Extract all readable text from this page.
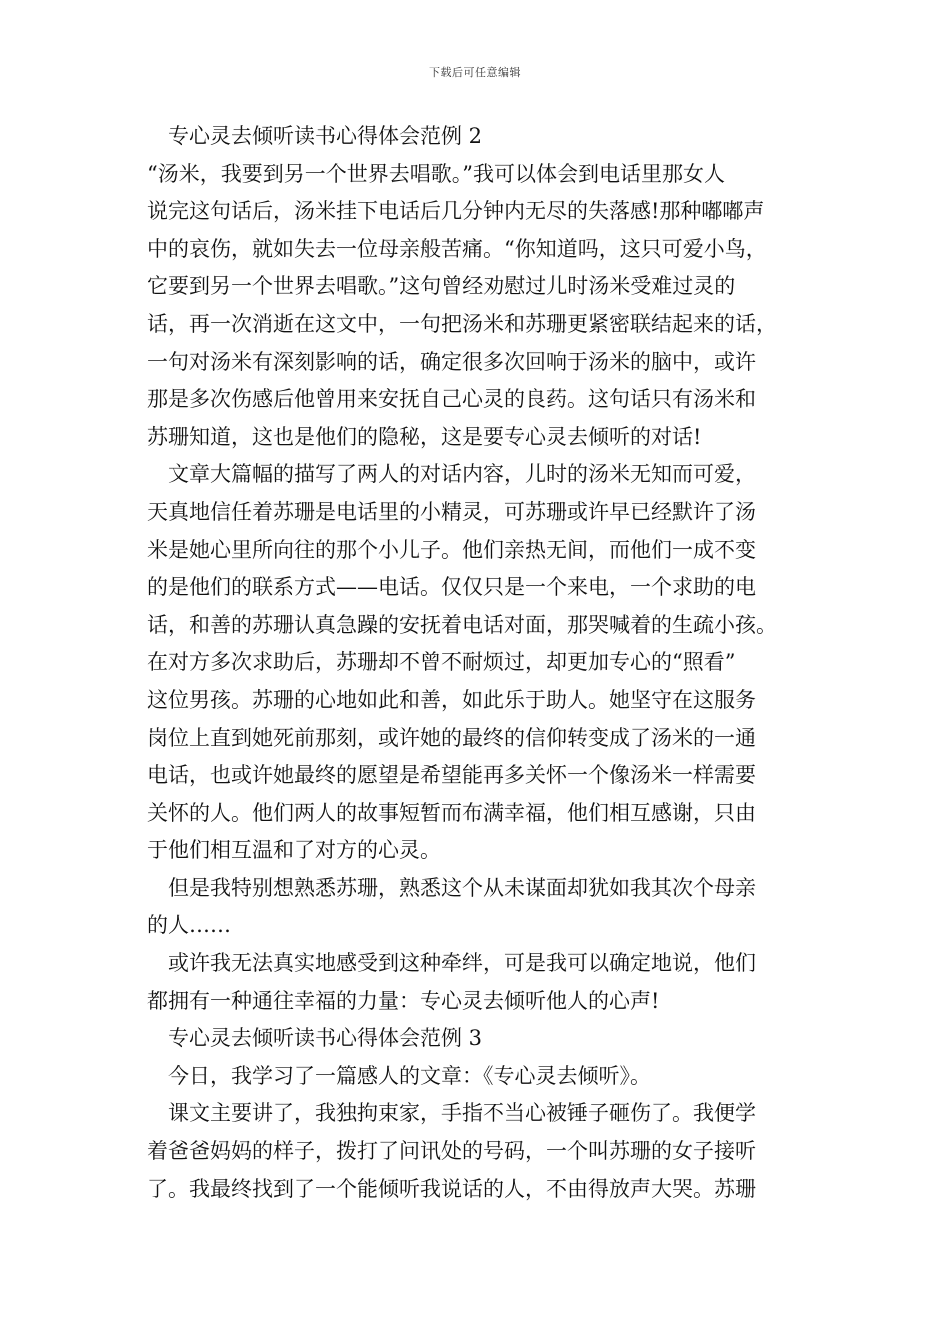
下载后可任意编辑
专心灵去倾听读书心得体会范例 2
“汤米，我要到另一个世界去唱歌。”我可以体会到电话里那女人
说完这句话后，汤米挂下电话后几分钟内无尽的失落感!那种嘟嘟声
中的哀伤，就如失去一位母亲般苦痛。“你知道吗，这只可爱小鸟，
它要到另一个世界去唱歌。”这句曾经劝慰过儿时汤米受难过灵的
话，再一次消逝在这文中，一句把汤米和苏珊更紧密联结起来的话，
一句对汤米有深刻影响的话，确定很多次回响于汤米的脑中，或许
那是多次伤感后他曾用来安抚自己心灵的良药。这句话只有汤米和
苏珊知道，这也是他们的隐秘，这是要专心灵去倾听的对话!
文章大篇幅的描写了两人的对话内容，儿时的汤米无知而可爱，
天真地信任着苏珊是电话里的小精灵，可苏珊或许早已经默许了汤
米是她心里所向往的那个小儿子。他们亲热无间，而他们一成不变
的是他们的联系方式——电话。仅仅只是一个来电，一个求助的电
话，和善的苏珊认真急躁的安抚着电话对面，那哭喊着的生疏小孩。
在对方多次求助后，苏珊却不曾不耐烦过，却更加专心的“照看”
这位男孩。苏珊的心地如此和善，如此乐于助人。她坚守在这服务
岗位上直到她死前那刻，或许她的最终的信仰转变成了汤米的一通
电话，也或许她最终的愿望是希望能再多关怀一个像汤米一样需要
关怀的人。他们两人的故事短暂而布满幸福，他们相互感谢，只由
于他们相互温和了对方的心灵。
但是我特别想熟悉苏珊，熟悉这个从未谋面却犹如我其次个母亲
的人……
或许我无法真实地感受到这种牵绊，可是我可以确定地说，他们
都拥有一种通往幸福的力量：专心灵去倾听他人的心声!
专心灵去倾听读书心得体会范例 3
今日，我学习了一篇感人的文章：《专心灵去倾听》。
课文主要讲了，我独拘束家，手指不当心被锤子砸伤了。我便学
着爸爸妈妈的样子，拨打了问讯处的号码，一个叫苏珊的女子接听
了。我最终找到了一个能倾听我说话的人，不由得放声大哭。苏珊
